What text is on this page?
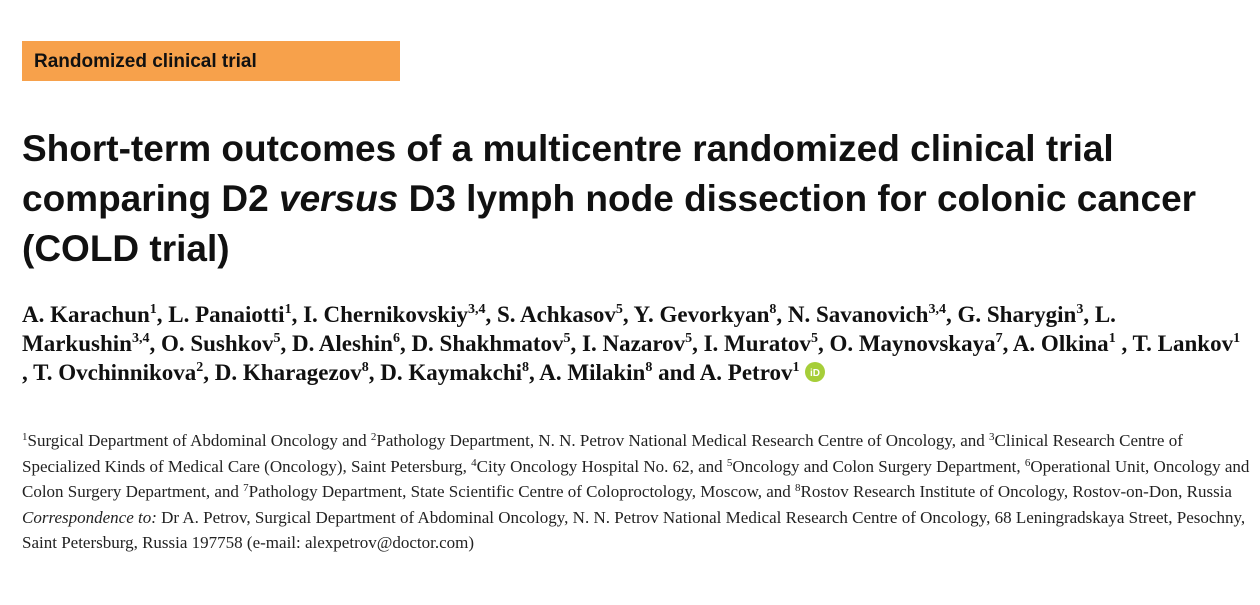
Randomized clinical trial
Short-term outcomes of a multicentre randomized clinical trial comparing D2 versus D3 lymph node dissection for colonic cancer (COLD trial)

A. Karachun$^1$, L. Panaiotti$^1$, I. Chernikovskiy$^{3,4}$, S. Achkasov$^5$, Y. Gevorkyan$^8$, N. Savanovich$^{3,4}$, G. Sharygin$^3$, L. Markushin$^{3,4}$, O. Sushkov$^5$, D. Aleshin$^6$, D. Shakhmatov$^5$, I. Nazarov$^5$, I. Muratov$^5$, O. Maynovskaya$^7$, A. Olkina$^1$ , T. Lankov$^1$ , T. Ovchinnikova$^2$, D. Kharagezov$^8$, D. Kaymakchi$^8$, A. Milakin$^8$ and A. Petrov$^1$ iD

$^1$Surgical Department of Abdominal Oncology and $^2$Pathology Department, N. N. Petrov National Medical Research Centre of Oncology, and $^3$Clinical Research Centre of Specialized Kinds of Medical Care (Oncology), Saint Petersburg, $^4$City Oncology Hospital No. 62, and $^5$Oncology and Colon Surgery Department, $^6$Operational Unit, Oncology and Colon Surgery Department, and $^7$Pathology Department, State Scientific Centre of Coloproctology, Moscow, and $^8$Rostov Research Institute of Oncology, Rostov-on-Don, Russia
Correspondence to: Dr A. Petrov, Surgical Department of Abdominal Oncology, N. N. Petrov National Medical Research Centre of Oncology, 68 Leningradskaya Street, Pesochny, Saint Petersburg, Russia 197758 (e-mail: alexpetrov@doctor.com)
